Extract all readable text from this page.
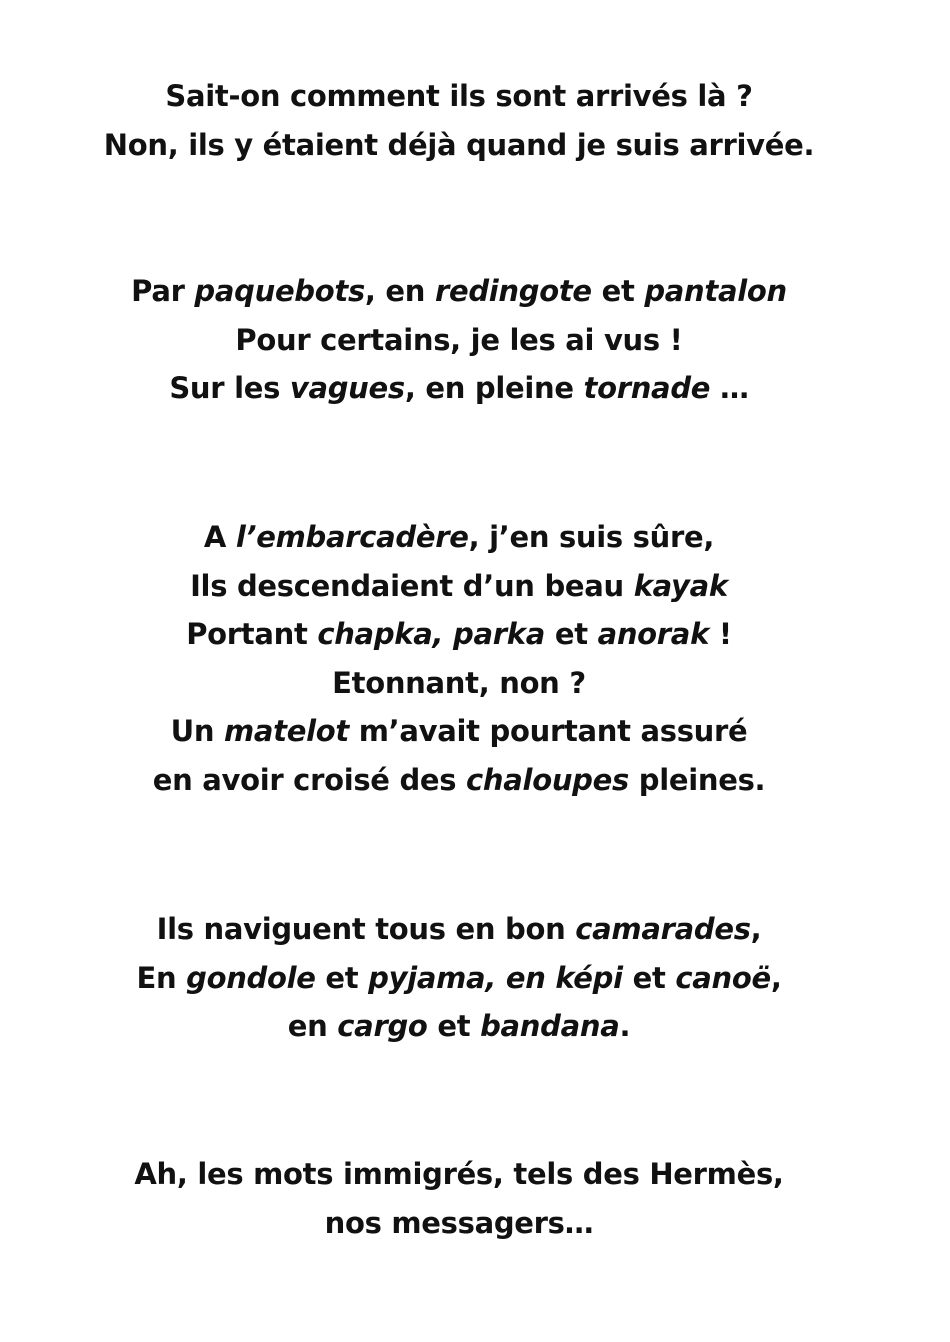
Sait-on comment ils sont arrivés là ?
Non, ils y étaient déjà quand je suis arrivée.
Par paquebots, en redingote et pantalon
Pour certains, je les ai vus !
Sur les vagues, en pleine tornade …
A l’embarcadère, j’en suis sûre,
Ils descendaient d’un beau kayak
Portant chapka, parka et anorak !
Etonnant, non ?
Un matelot m’avait pourtant assuré
en avoir croisé des chaloupes pleines.
Ils naviguent tous en bon camarades,
En gondole et pyjama, en képi et canoë,
en cargo et bandana.
Ah, les mots immigrés, tels des Hermès,
nos messagers…
